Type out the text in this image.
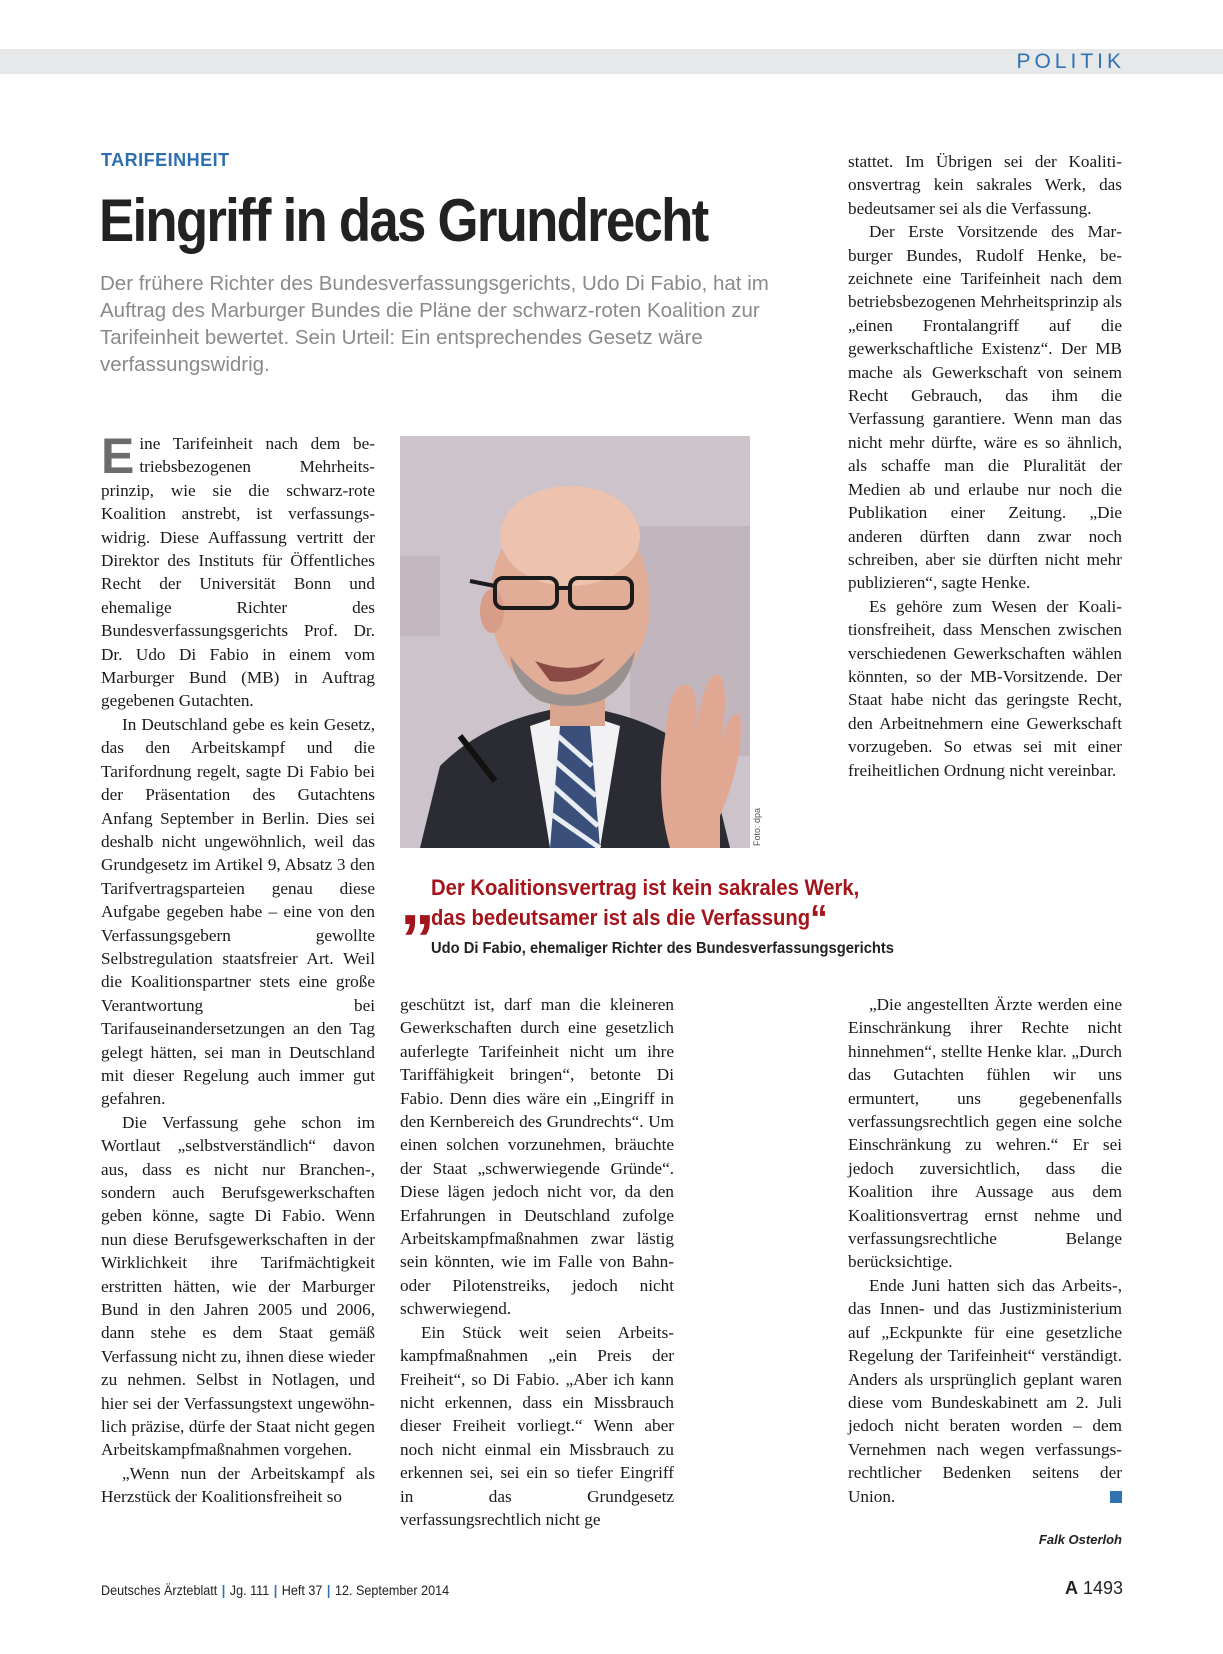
POLITIK
TARIFEINHEIT
Eingriff in das Grundrecht
Der frühere Richter des Bundesverfassungsgerichts, Udo Di Fabio, hat im Auftrag des Marburger Bundes die Pläne der schwarz-roten Koalition zur Tarifeinheit bewertet. Sein Urteil: Ein entsprechendes Gesetz wäre verfassungswidrig.

Eine Tarifeinheit nach dem betriebsbezogenen Mehrheitsprinzip, wie sie die schwarz-rote Koalition anstrebt, ist verfassungswidrig. Diese Auffassung vertritt der Direktor des Instituts für Öffentliches Recht der Universität Bonn und ehemalige Richter des Bundesverfassungsgerichts Prof. Dr. Dr. Udo Di Fabio in einem vom Marburger Bund (MB) in Auftrag gegebenen Gutachten.

In Deutschland gebe es kein Gesetz, das den Arbeitskampf und die Tarifordnung regelt, sagte Di Fabio bei der Präsentation des Gutachtens Anfang September in Berlin. Dies sei deshalb nicht ungewöhnlich, weil das Grundgesetz im Artikel 9, Absatz 3 den Tarifvertragsparteien genau diese Aufgabe gegeben habe – eine von den Verfassungsgebern gewollte Selbstregulation staatsfreier Art. Weil die Koalitionspartner stets eine große Verantwortung bei Tarifauseinandersetzungen an den Tag gelegt hätten, sei man in Deutschland mit dieser Regelung auch immer gut gefahren.

Die Verfassung gehe schon im Wortlaut „selbstverständlich“ davon aus, dass es nicht nur Branchen-, sondern auch Berufsgewerkschaften geben könne, sagte Di Fabio. Wenn nun diese Berufsgewerkschaften in der Wirklichkeit ihre Tarifmächtigkeit erstritten hätten, wie der Marburger Bund in den Jahren 2005 und 2006, dann stehe es dem Staat gemäß Verfassung nicht zu, ihnen diese wieder zu nehmen. Selbst in Notlagen, und hier sei der Verfassungstext ungewöhnlich präzise, dürfe der Staat nicht gegen Arbeitskampfmaßnahmen vorgehen.

„Wenn nun der Arbeitskampf als Herzstück der Koalitionsfreiheit so

Foto: dpa
„
Der Koalitionsvertrag ist kein sakrales Werk,
das bedeutsamer ist als die Verfassung“
Udo Di Fabio, ehemaliger Richter des Bundesverfassungsgerichts

geschützt ist, darf man die kleineren Gewerkschaften durch eine gesetzlich auferlegte Tarifeinheit nicht um ihre Tariffähigkeit bringen“, betonte Di Fabio. Denn dies wäre ein „Eingriff in den Kernbereich des Grundrechts“. Um einen solchen vorzunehmen, bräuchte der Staat „schwerwiegende Gründe“. Diese lägen jedoch nicht vor, da den Erfahrungen in Deutschland zufolge Arbeitskampfmaßnahmen zwar lästig sein könnten, wie im Falle von Bahn- oder Pilotenstreiks, jedoch nicht schwerwiegend.

Ein Stück weit seien Arbeitskampfmaßnahmen „ein Preis der Freiheit“, so Di Fabio. „Aber ich kann nicht erkennen, dass ein Missbrauch dieser Freiheit vorliegt.“ Wenn aber noch nicht einmal ein Missbrauch zu erkennen sei, sei ein so tiefer Eingriff in das Grundgesetz verfassungsrechtlich nicht ge

stattet. Im Übrigen sei der Koalitionsvertrag kein sakrales Werk, das bedeutsamer sei als die Verfassung.

Der Erste Vorsitzende des Marburger Bundes, Rudolf Henke, bezeichnete eine Tarifeinheit nach dem betriebsbezogenen Mehrheitsprinzip als „einen Frontalangriff auf die gewerkschaftliche Existenz“. Der MB mache als Gewerkschaft von seinem Recht Gebrauch, das ihm die Verfassung garantiere. Wenn man das nicht mehr dürfte, wäre es so ähnlich, als schaffe man die Pluralität der Medien ab und erlaube nur noch die Publikation einer Zeitung. „Die anderen dürften dann zwar noch schreiben, aber sie dürften nicht mehr publizieren“, sagte Henke.

Es gehöre zum Wesen der Koalitionsfreiheit, dass Menschen zwischen verschiedenen Gewerkschaften wählen könnten, so der MB-Vorsitzende. Der Staat habe nicht das geringste Recht, den Arbeitnehmern eine Gewerkschaft vorzugeben. So etwas sei mit einer freiheitlichen Ordnung nicht vereinbar.

„Die angestellten Ärzte werden eine Einschränkung ihrer Rechte nicht hinnehmen“, stellte Henke klar. „Durch das Gutachten fühlen wir uns ermuntert, uns gegebenenfalls verfassungsrechtlich gegen eine solche Einschränkung zu wehren.“ Er sei jedoch zuversichtlich, dass die Koalition ihre Aussage aus dem Koalitionsvertrag ernst nehme und verfassungsrechtliche Belange berücksichtige.

Ende Juni hatten sich das Arbeits-, das Innen- und das Justizministerium auf „Eckpunkte für eine gesetzliche Regelung der Tarifeinheit“ verständigt. Anders als ursprünglich geplant waren diese vom Bundeskabinett am 2. Juli jedoch nicht beraten worden – dem Vernehmen nach wegen verfassungsrechtlicher Bedenken seitens der Union.

Falk Osterloh
Deutsches Ärzteblatt | Jg. 111 | Heft 37 | 12. September 2014	A 1493
